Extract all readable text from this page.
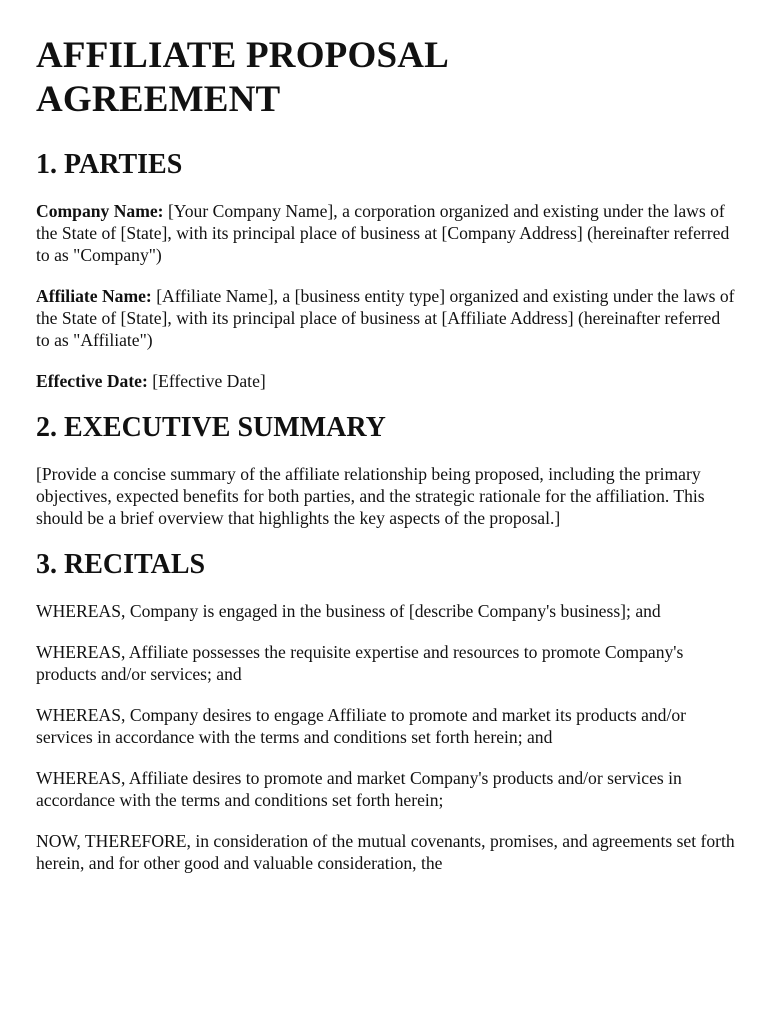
AFFILIATE PROPOSAL
AGREEMENT
1. PARTIES

Company Name: [Your Company Name], a corporation organized and existing under the laws of the State of [State], with its principal place of business at [Company Address] (hereinafter referred to as "Company")

Affiliate Name: [Affiliate Name], a [business entity type] organized and existing under the laws of the State of [State], with its principal place of business at [Affiliate Address] (hereinafter referred to as "Affiliate")

Effective Date: [Effective Date]

2. EXECUTIVE SUMMARY

[Provide a concise summary of the affiliate relationship being proposed, including the primary objectives, expected benefits for both parties, and the strategic rationale for the affiliation. This should be a brief overview that highlights the key aspects of the proposal.]

3. RECITALS

WHEREAS, Company is engaged in the business of [describe Company's business]; and

WHEREAS, Affiliate possesses the requisite expertise and resources to promote Company's products and/or services; and

WHEREAS, Company desires to engage Affiliate to promote and market its products and/or services in accordance with the terms and conditions set forth herein; and

WHEREAS, Affiliate desires to promote and market Company's products and/or services in accordance with the terms and conditions set forth herein;

NOW, THEREFORE, in consideration of the mutual covenants, promises, and agreements set forth herein, and for other good and valuable consideration, the
